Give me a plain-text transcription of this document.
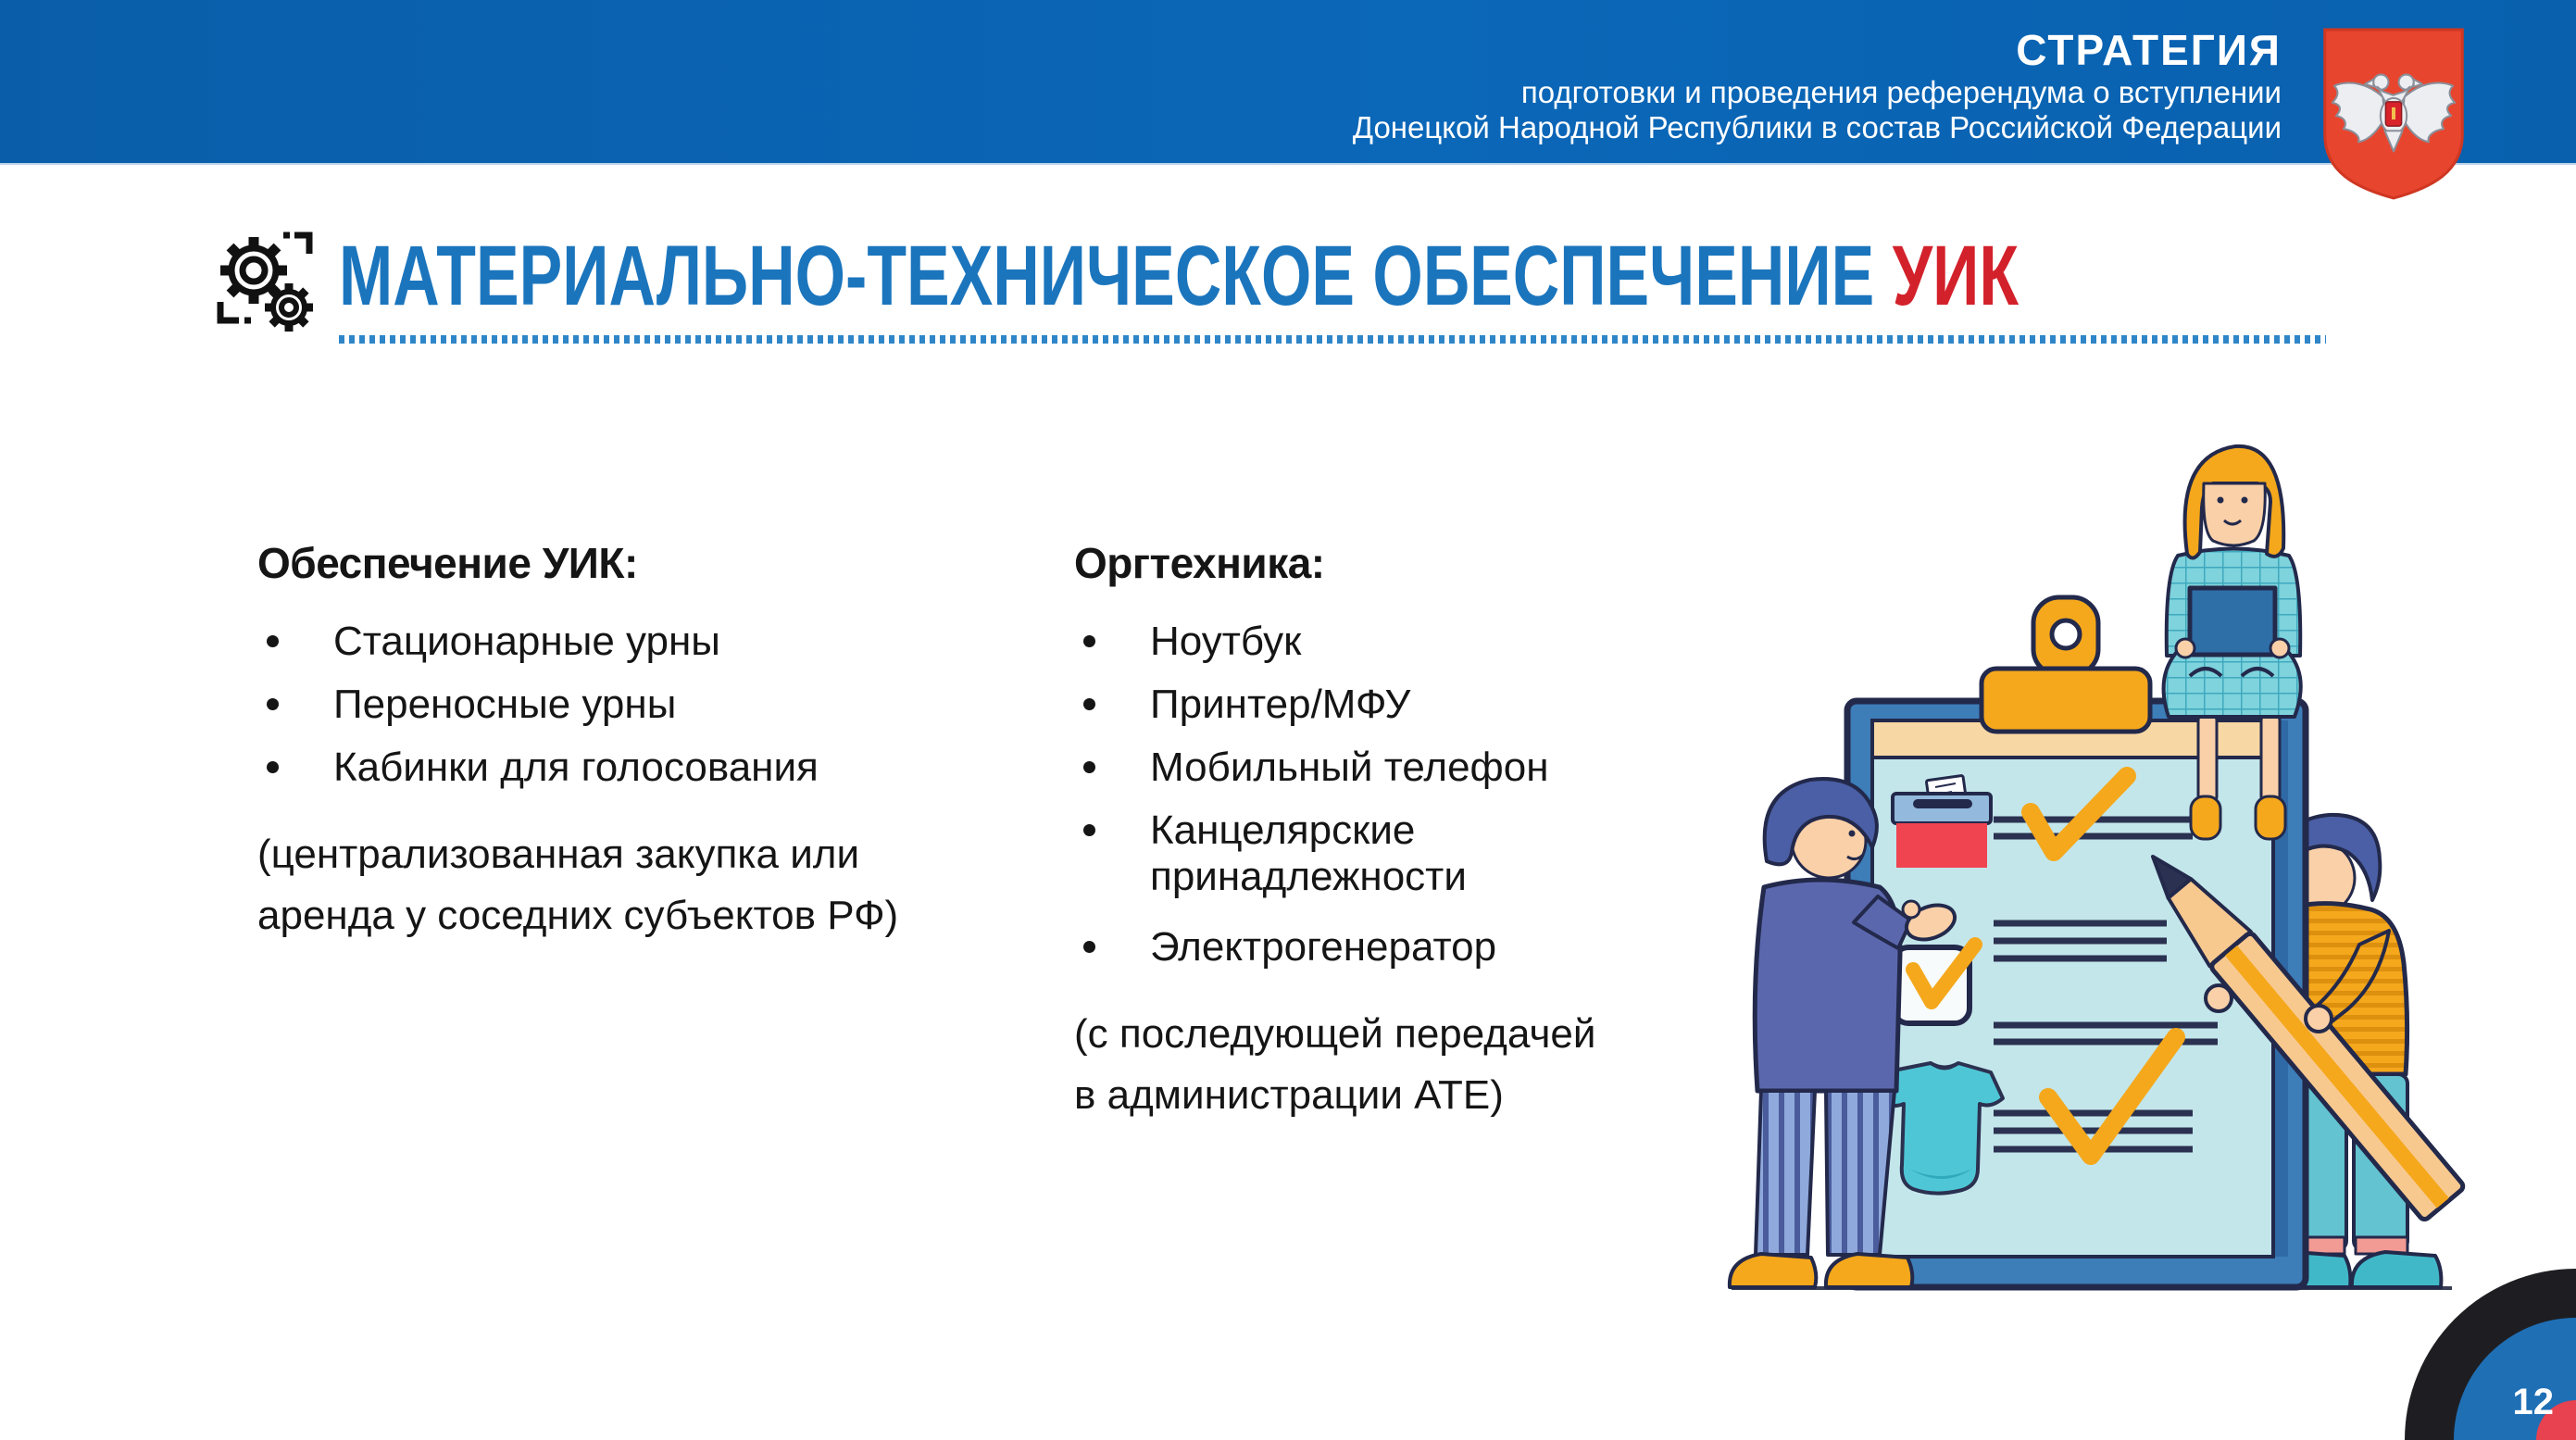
СТРАТЕГИЯ
подготовки и проведения референдума о вступлении
Донецкой Народной Республики в состав Российской Федерации
МАТЕРИАЛЬНО-ТЕХНИЧЕСКОЕ ОБЕСПЕЧЕНИЕ УИК
Обеспечение УИК:
Стационарные урны
Переносные урны
Кабинки для голосования
(централизованная закупка или
аренда у соседних субъектов РФ)
Оргтехника:
Ноутбук
Принтер/МФУ
Мобильный телефон
Канцелярские принадлежности
Электрогенератор
(с последующей передачей
в администрации АТЕ)
12
